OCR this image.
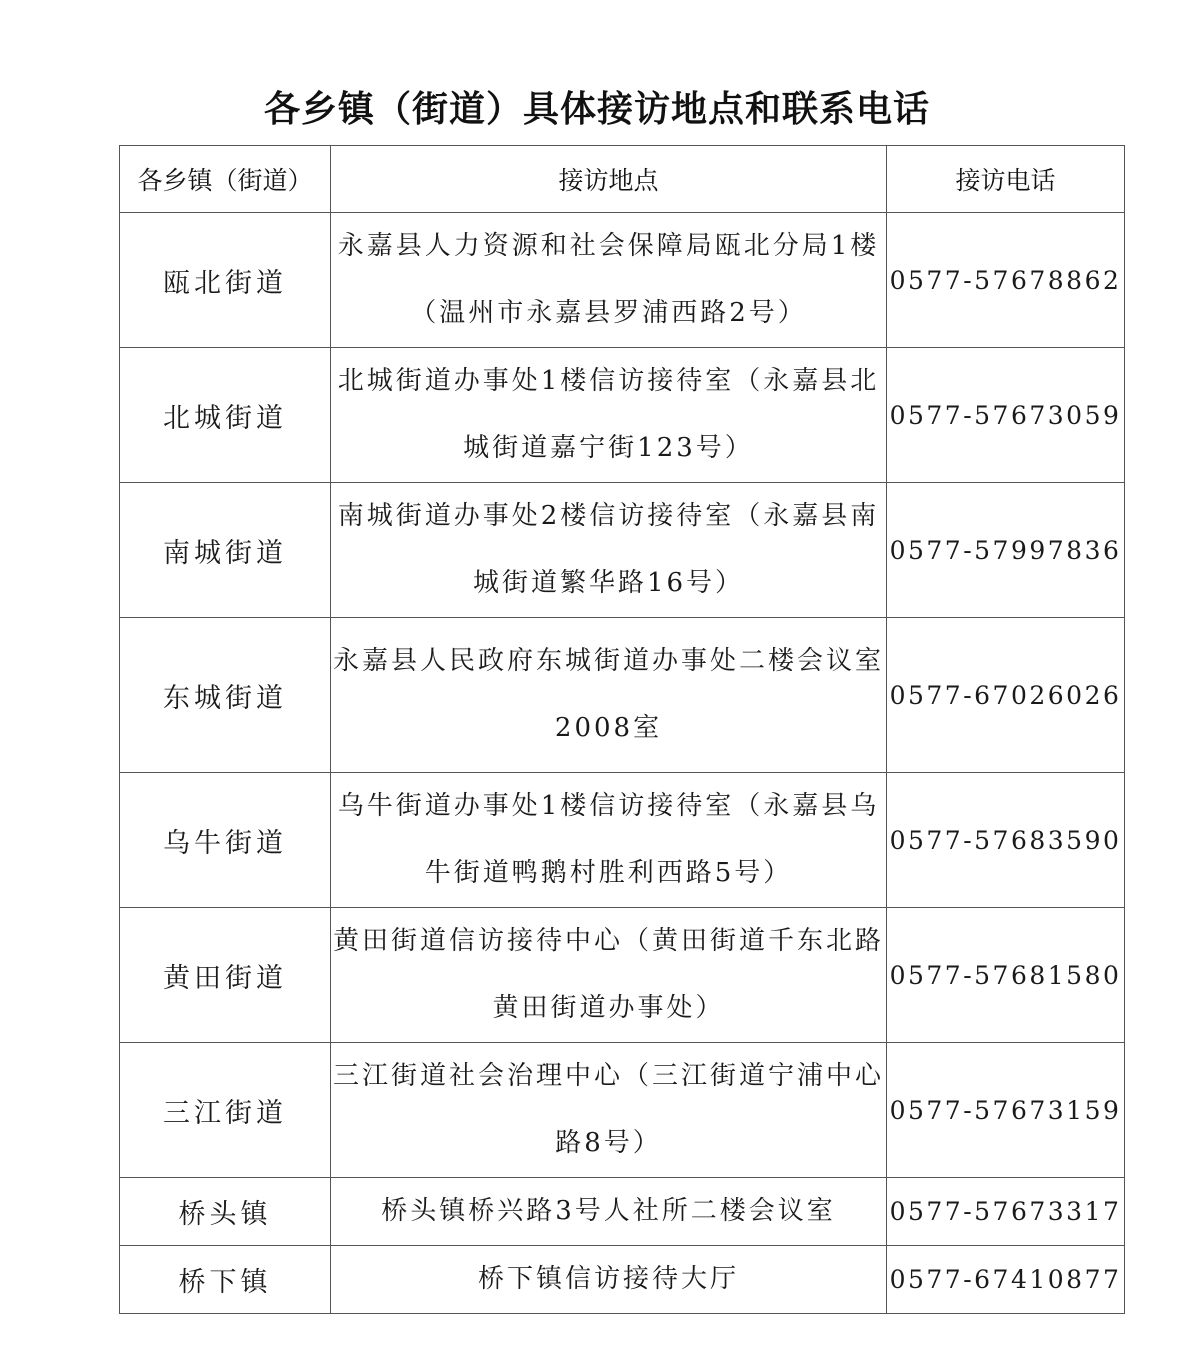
各乡镇（街道）具体接访地点和联系电话
各乡镇（街道）	接访地点	接访电话
瓯北街道	永嘉县人力资源和社会保障局瓯北分局1楼（温州市永嘉县罗浦西路2号）	0577-57678862
北城街道	北城街道办事处1楼信访接待室（永嘉县北城街道嘉宁街123号）	0577-57673059
南城街道	南城街道办事处2楼信访接待室（永嘉县南城街道繁华路16号）	0577-57997836
东城街道	永嘉县人民政府东城街道办事处二楼会议室2008室	0577-67026026
乌牛街道	乌牛街道办事处1楼信访接待室（永嘉县乌牛街道鸭鹅村胜利西路5号）	0577-57683590
黄田街道	黄田街道信访接待中心（黄田街道千东北路黄田街道办事处）	0577-57681580
三江街道	三江街道社会治理中心（三江街道宁浦中心路8号）	0577-57673159
桥头镇	桥头镇桥兴路3号人社所二楼会议室	0577-57673317
桥下镇	桥下镇信访接待大厅	0577-67410877
